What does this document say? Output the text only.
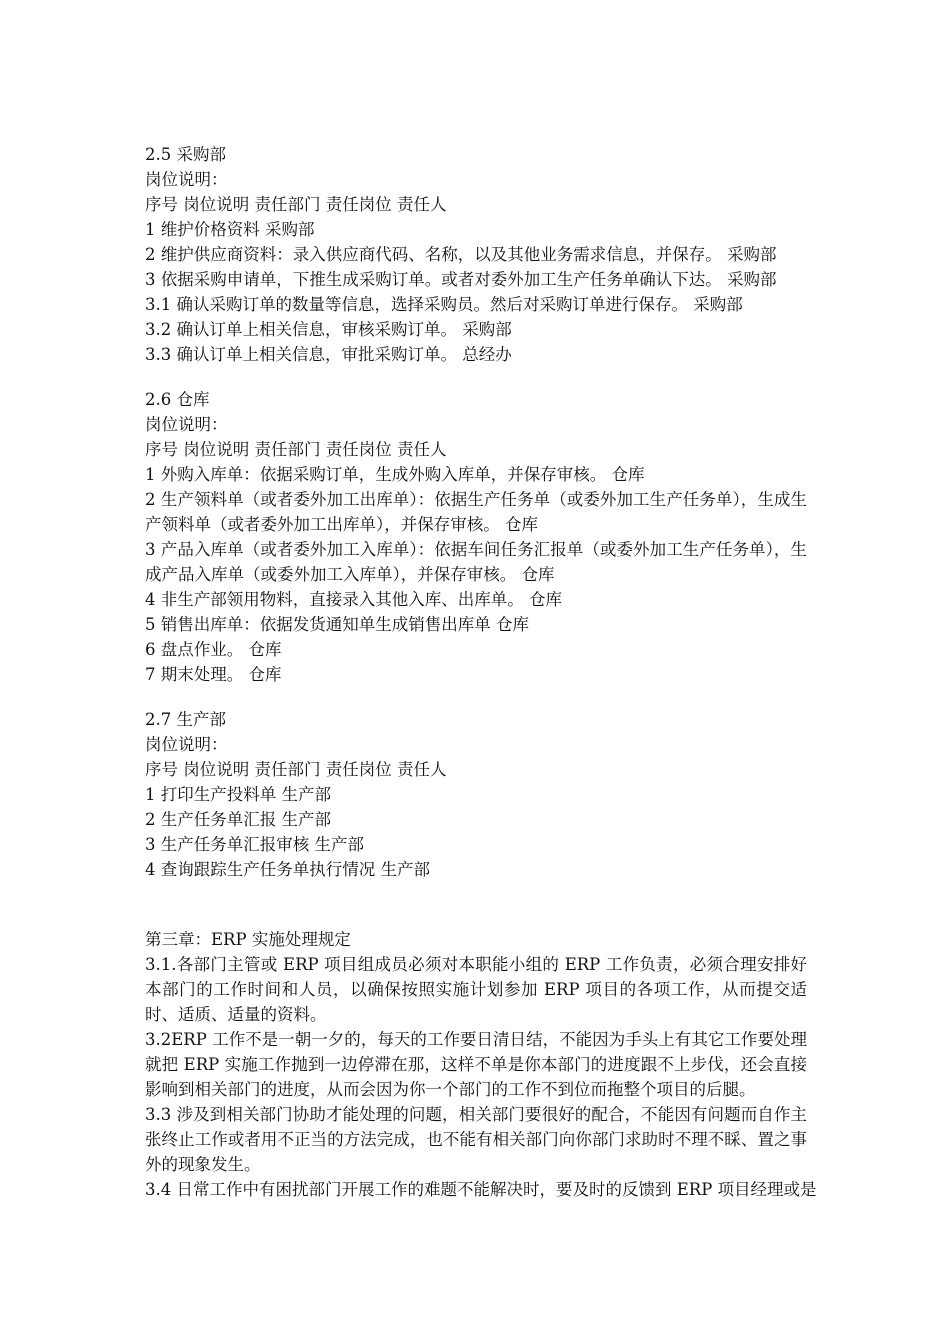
2.5 采购部
岗位说明：
序号 岗位说明 责任部门 责任岗位 责任人
1 维护价格资料 采购部
2 维护供应商资料：录入供应商代码、名称，以及其他业务需求信息，并保存。 采购部
3 依据采购申请单，下推生成采购订单。或者对委外加工生产任务单确认下达。 采购部
3.1 确认采购订单的数量等信息，选择采购员。然后对采购订单进行保存。 采购部
3.2 确认订单上相关信息，审核采购订单。 采购部
3.3 确认订单上相关信息，审批采购订单。 总经办
2.6 仓库
岗位说明：
序号 岗位说明 责任部门 责任岗位 责任人
1 外购入库单：依据采购订单，生成外购入库单，并保存审核。 仓库
2 生产领料单（或者委外加工出库单）：依据生产任务单（或委外加工生产任务单），生成生产领料单（或者委外加工出库单），并保存审核。 仓库
3 产品入库单（或者委外加工入库单）：依据车间任务汇报单（或委外加工生产任务单），生成产品入库单（或委外加工入库单），并保存审核。 仓库
4 非生产部领用物料，直接录入其他入库、出库单。 仓库
5 销售出库单：依据发货通知单生成销售出库单 仓库
6 盘点作业。 仓库
7 期末处理。 仓库
2.7 生产部
岗位说明：
序号 岗位说明 责任部门 责任岗位 责任人
1 打印生产投料单 生产部
2 生产任务单汇报 生产部
3 生产任务单汇报审核 生产部
4 查询跟踪生产任务单执行情况 生产部
第三章：ERP 实施处理规定
3.1.各部门主管或 ERP 项目组成员必须对本职能小组的 ERP 工作负责，必须合理安排好本部门的工作时间和人员，以确保按照实施计划参加 ERP 项目的各项工作，从而提交适时、适质、适量的资料。
3.2ERP 工作不是一朝一夕的，每天的工作要日清日结，不能因为手头上有其它工作要处理就把 ERP 实施工作抛到一边停滞在那，这样不单是你本部门的进度跟不上步伐，还会直接影响到相关部门的进度，从而会因为你一个部门的工作不到位而拖整个项目的后腿。
3.3 涉及到相关部门协助才能处理的问题，相关部门要很好的配合，不能因有问题而自作主张终止工作或者用不正当的方法完成，也不能有相关部门向你部门求助时不理不睬、置之事外的现象发生。
3.4 日常工作中有困扰部门开展工作的难题不能解决时，要及时的反馈到 ERP 项目经理或是
